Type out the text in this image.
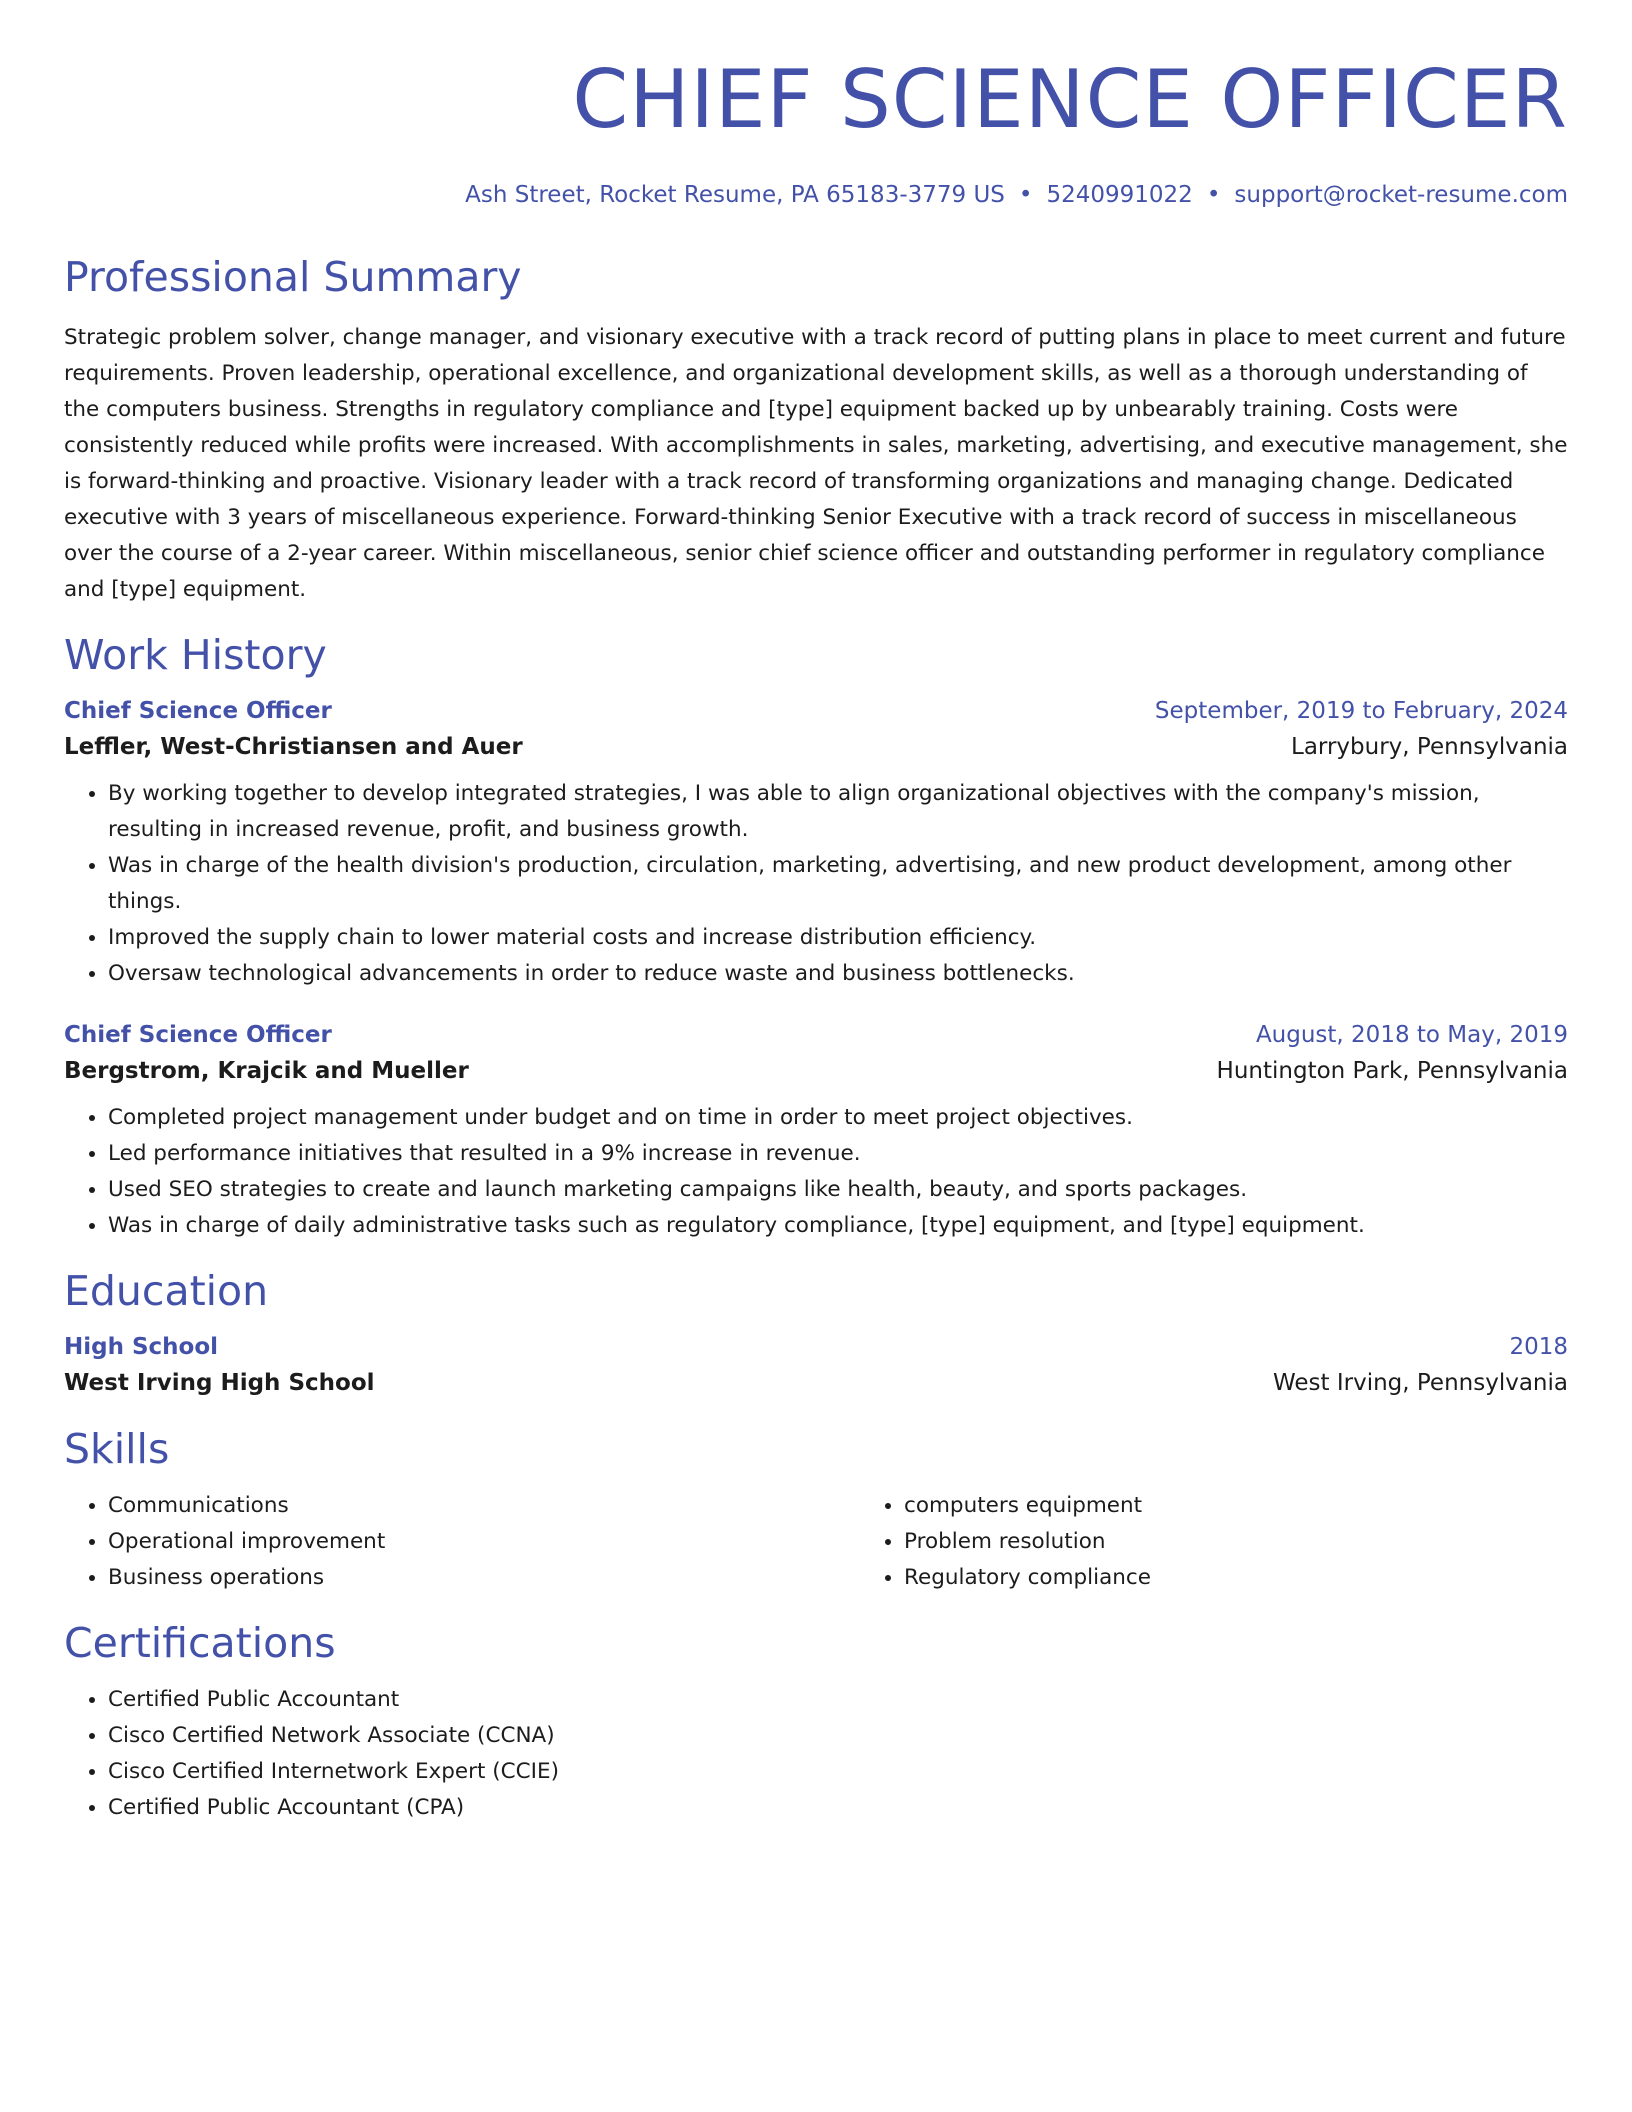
CHIEF SCIENCE OFFICER
Ash Street, Rocket Resume, PA 65183-3779 US • 5240991022 • support@rocket-resume.com
Professional Summary
Strategic problem solver, change manager, and visionary executive with a track record of putting plans in place to meet current and future requirements. Proven leadership, operational excellence, and organizational development skills, as well as a thorough understanding of the computers business. Strengths in regulatory compliance and [type] equipment backed up by unbearably training. Costs were consistently reduced while profits were increased. With accomplishments in sales, marketing, advertising, and executive management, she is forward-thinking and proactive. Visionary leader with a track record of transforming organizations and managing change. Dedicated executive with 3 years of miscellaneous experience. Forward-thinking Senior Executive with a track record of success in miscellaneous over the course of a 2-year career. Within miscellaneous, senior chief science officer and outstanding performer in regulatory compliance and [type] equipment.
Work History
Chief Science Officer	September, 2019 to February, 2024
Leffler, West-Christiansen and Auer	Larrybury, Pennsylvania
• By working together to develop integrated strategies, I was able to align organizational objectives with the company's mission, resulting in increased revenue, profit, and business growth.
• Was in charge of the health division's production, circulation, marketing, advertising, and new product development, among other things.
• Improved the supply chain to lower material costs and increase distribution efficiency.
• Oversaw technological advancements in order to reduce waste and business bottlenecks.
Chief Science Officer	August, 2018 to May, 2019
Bergstrom, Krajcik and Mueller	Huntington Park, Pennsylvania
• Completed project management under budget and on time in order to meet project objectives.
• Led performance initiatives that resulted in a 9% increase in revenue.
• Used SEO strategies to create and launch marketing campaigns like health, beauty, and sports packages.
• Was in charge of daily administrative tasks such as regulatory compliance, [type] equipment, and [type] equipment.
Education
High School	2018
West Irving High School	West Irving, Pennsylvania
Skills
• Communications
• Operational improvement
• Business operations
• computers equipment
• Problem resolution
• Regulatory compliance
Certifications
• Certified Public Accountant
• Cisco Certified Network Associate (CCNA)
• Cisco Certified Internetwork Expert (CCIE)
• Certified Public Accountant (CPA)
